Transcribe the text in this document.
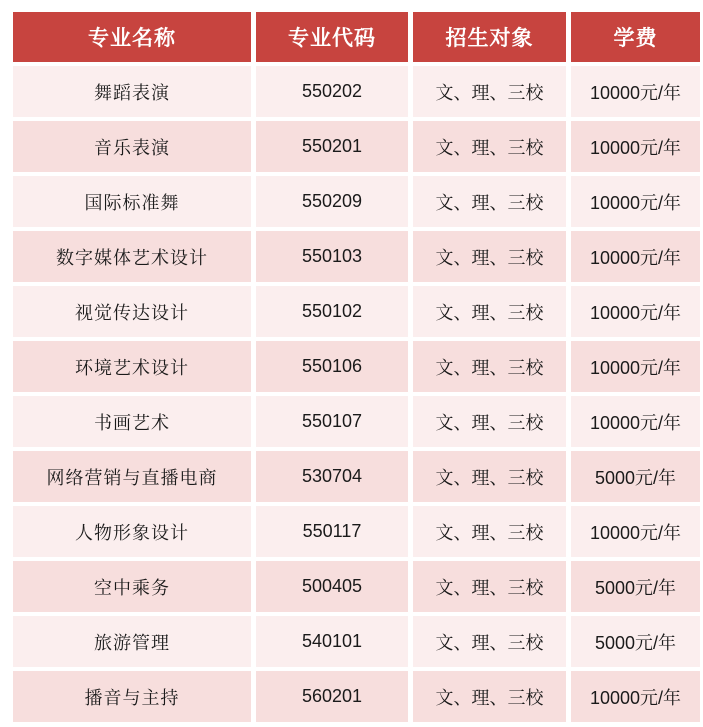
专业名称	专业代码	招生对象	学费
舞蹈表演	550202	文、理、三校	10000元/年
音乐表演	550201	文、理、三校	10000元/年
国际标准舞	550209	文、理、三校	10000元/年
数字媒体艺术设计	550103	文、理、三校	10000元/年
视觉传达设计	550102	文、理、三校	10000元/年
环境艺术设计	550106	文、理、三校	10000元/年
书画艺术	550107	文、理、三校	10000元/年
网络营销与直播电商	530704	文、理、三校	5000元/年
人物形象设计	550117	文、理、三校	10000元/年
空中乘务	500405	文、理、三校	5000元/年
旅游管理	540101	文、理、三校	5000元/年
播音与主持	560201	文、理、三校	10000元/年
